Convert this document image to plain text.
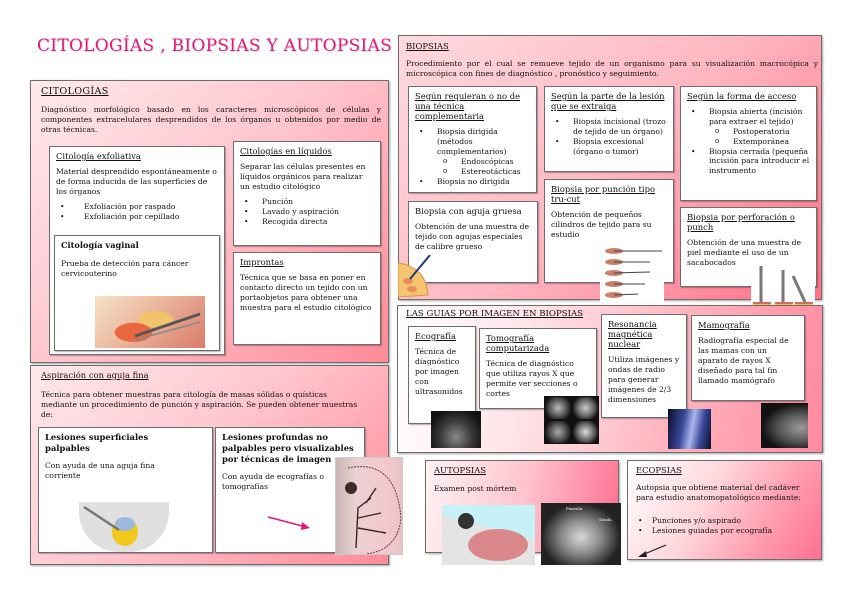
CITOLOGÍAS , BIOPSIAS Y AUTOPSIAS
CITOLOGÍAS
Diagnóstico morfológico basado en los caracteres microscópicos de células y componentes extracelulares desprendidos de los órganos u obtenidos por medio de otras técnicas.
Citología exfoliativa
Material desprendido espontáneamente o de forma inducida de las superficies de los órganos
• Exfoliación por raspado
• Exfoliación por cepillado
Citología vaginal
Prueba de detección para cáncer cervicouterino
Citologías en líquidos
Separar las células presentes en líquidos orgánicos para realizar un estudio citológico
• Punción
• Lavado y aspiración
• Recogida directa
Improntas
Técnica que se basa en poner en contacto directo un tejido con un portaobjetos para obtener una muestra para el estudio citológico
Aspiración con aguja fina
Técnica para obtener muestras para citología de masas sólidas o quísticas mediante un procedimiento de punción y aspiración. Se pueden obtener muestras de:
Lesiones superficiales palpables
Con ayuda de una aguja fina corriente
Lesiones profundas no palpables pero visualizables por técnicas de imagen
Con ayuda de ecografías o tomografías
BIOPSIAS
Procedimiento por el cual se remueve tejido de un organismo para su visualización macrocópica y microscópica con fines de diagnóstico , pronóstico y seguimiento.
Según requieran o no de una técnica complementaria
• Biopsia dirigida (métodos complementarios)
o Endoscópicas
o Estereotácticas
• Biopsia no dirigida
Según la parte de la lesión que se extraiga
• Biopsia incisional (trozo de tejido de un órgano)
• Biopsia excesional (órgano o tumor)
Según la forma de acceso
• Biopsia abierta (incisión para extraer el tejido)
o Postoperatoria
o Extemporánea
• Biopsia cerrada (pequeña incisión para introducir el instrumento
Biopsia con aguja gruesa
Obtención de una muestra de tejido con agujas especiales de calibre grueso
Biopsia por punción tipo tru-cut
Obtención de pequeños cilindros de tejido para su estudio
Biopsia por perforación o punch
Obtención de una muestra de piel mediante el uso de un sacabocados
LAS GUIAS POR IMAGEN EN BIOPSIAS
Ecografía
Técnica de diagnóstico por imagen con ultrasonidos
Tomografía computarizada
Técnica de diagnóstico que utiliza rayos X que permite ver secciones o cortes
Resonancia magnética nuclear
Utiliza imágenes y ondas de radio para generar imágenes de 2/3 dimensiones
Mamografía
Radiografía especial de las mamas con un aparato de rayos X diseñado para tal fin llamado mamógrafo
AUTOPSIAS
Examen post mórtem
Punción
Sonda
ECOPSIAS
Autopsia que obtiene material del cadáver para estudio anatomopatológico mediante:
• Punciones y/o aspirado
• Lesiones guiadas por ecografía
